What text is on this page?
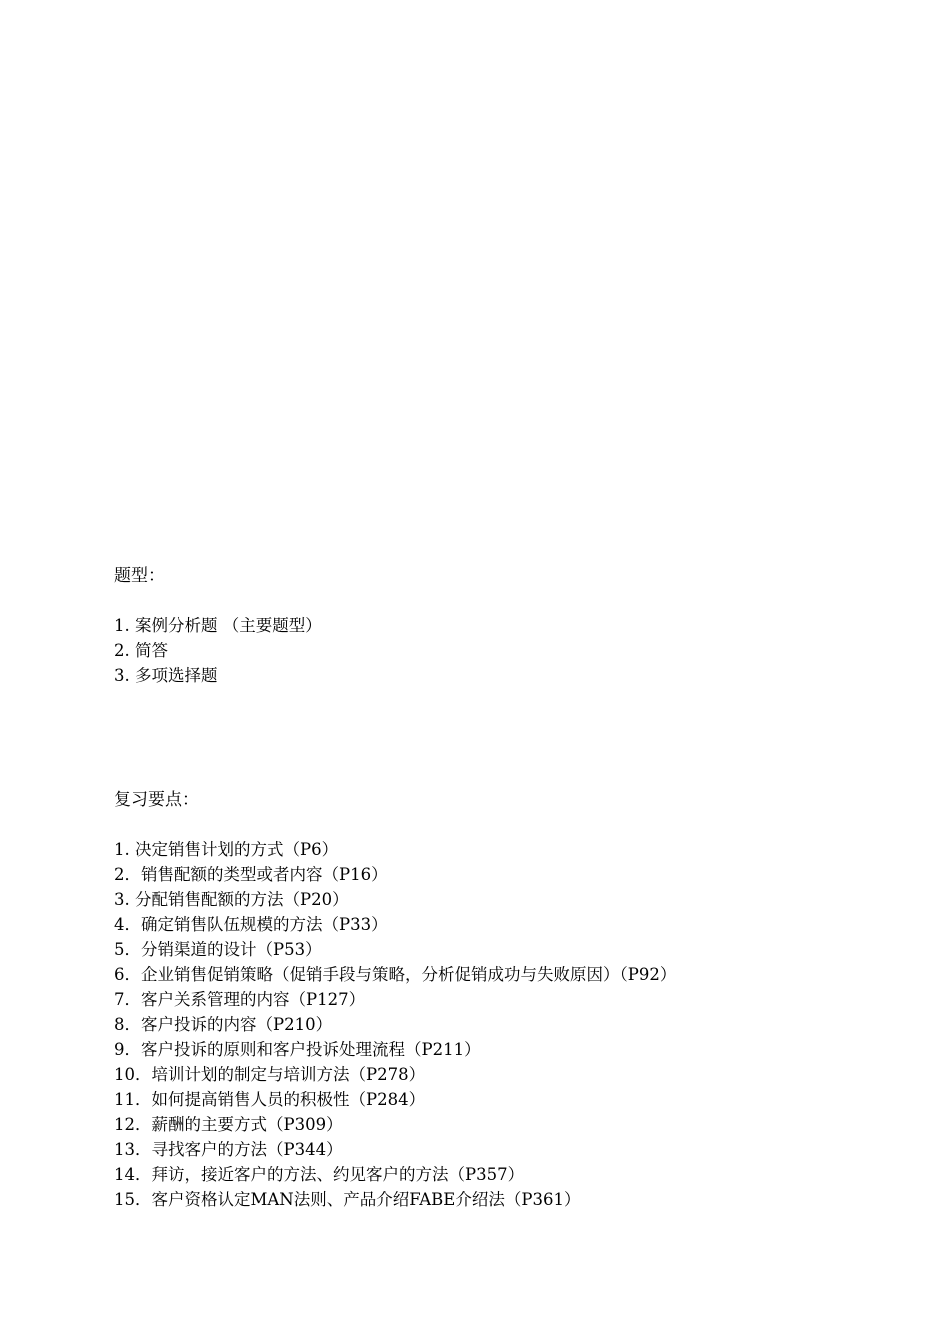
题型：
1. 案例分析题 （主要题型）
2. 简答
3. 多项选择题
复习要点：
1. 决定销售计划的方式（P6）
2．销售配额的类型或者内容（P16）
3. 分配销售配额的方法（P20）
4．确定销售队伍规模的方法（P33）
5．分销渠道的设计（P53）
6．企业销售促销策略（促销手段与策略，分析促销成功与失败原因）（P92）
7．客户关系管理的内容（P127）
8．客户投诉的内容（P210）
9．客户投诉的原则和客户投诉处理流程（P211）
10．培训计划的制定与培训方法（P278）
11．如何提高销售人员的积极性（P284）
12．薪酬的主要方式（P309）
13．寻找客户的方法（P344）
14．拜访，接近客户的方法、约见客户的方法（P357）
15．客户资格认定MAN法则、产品介绍FABE介绍法（P361）
